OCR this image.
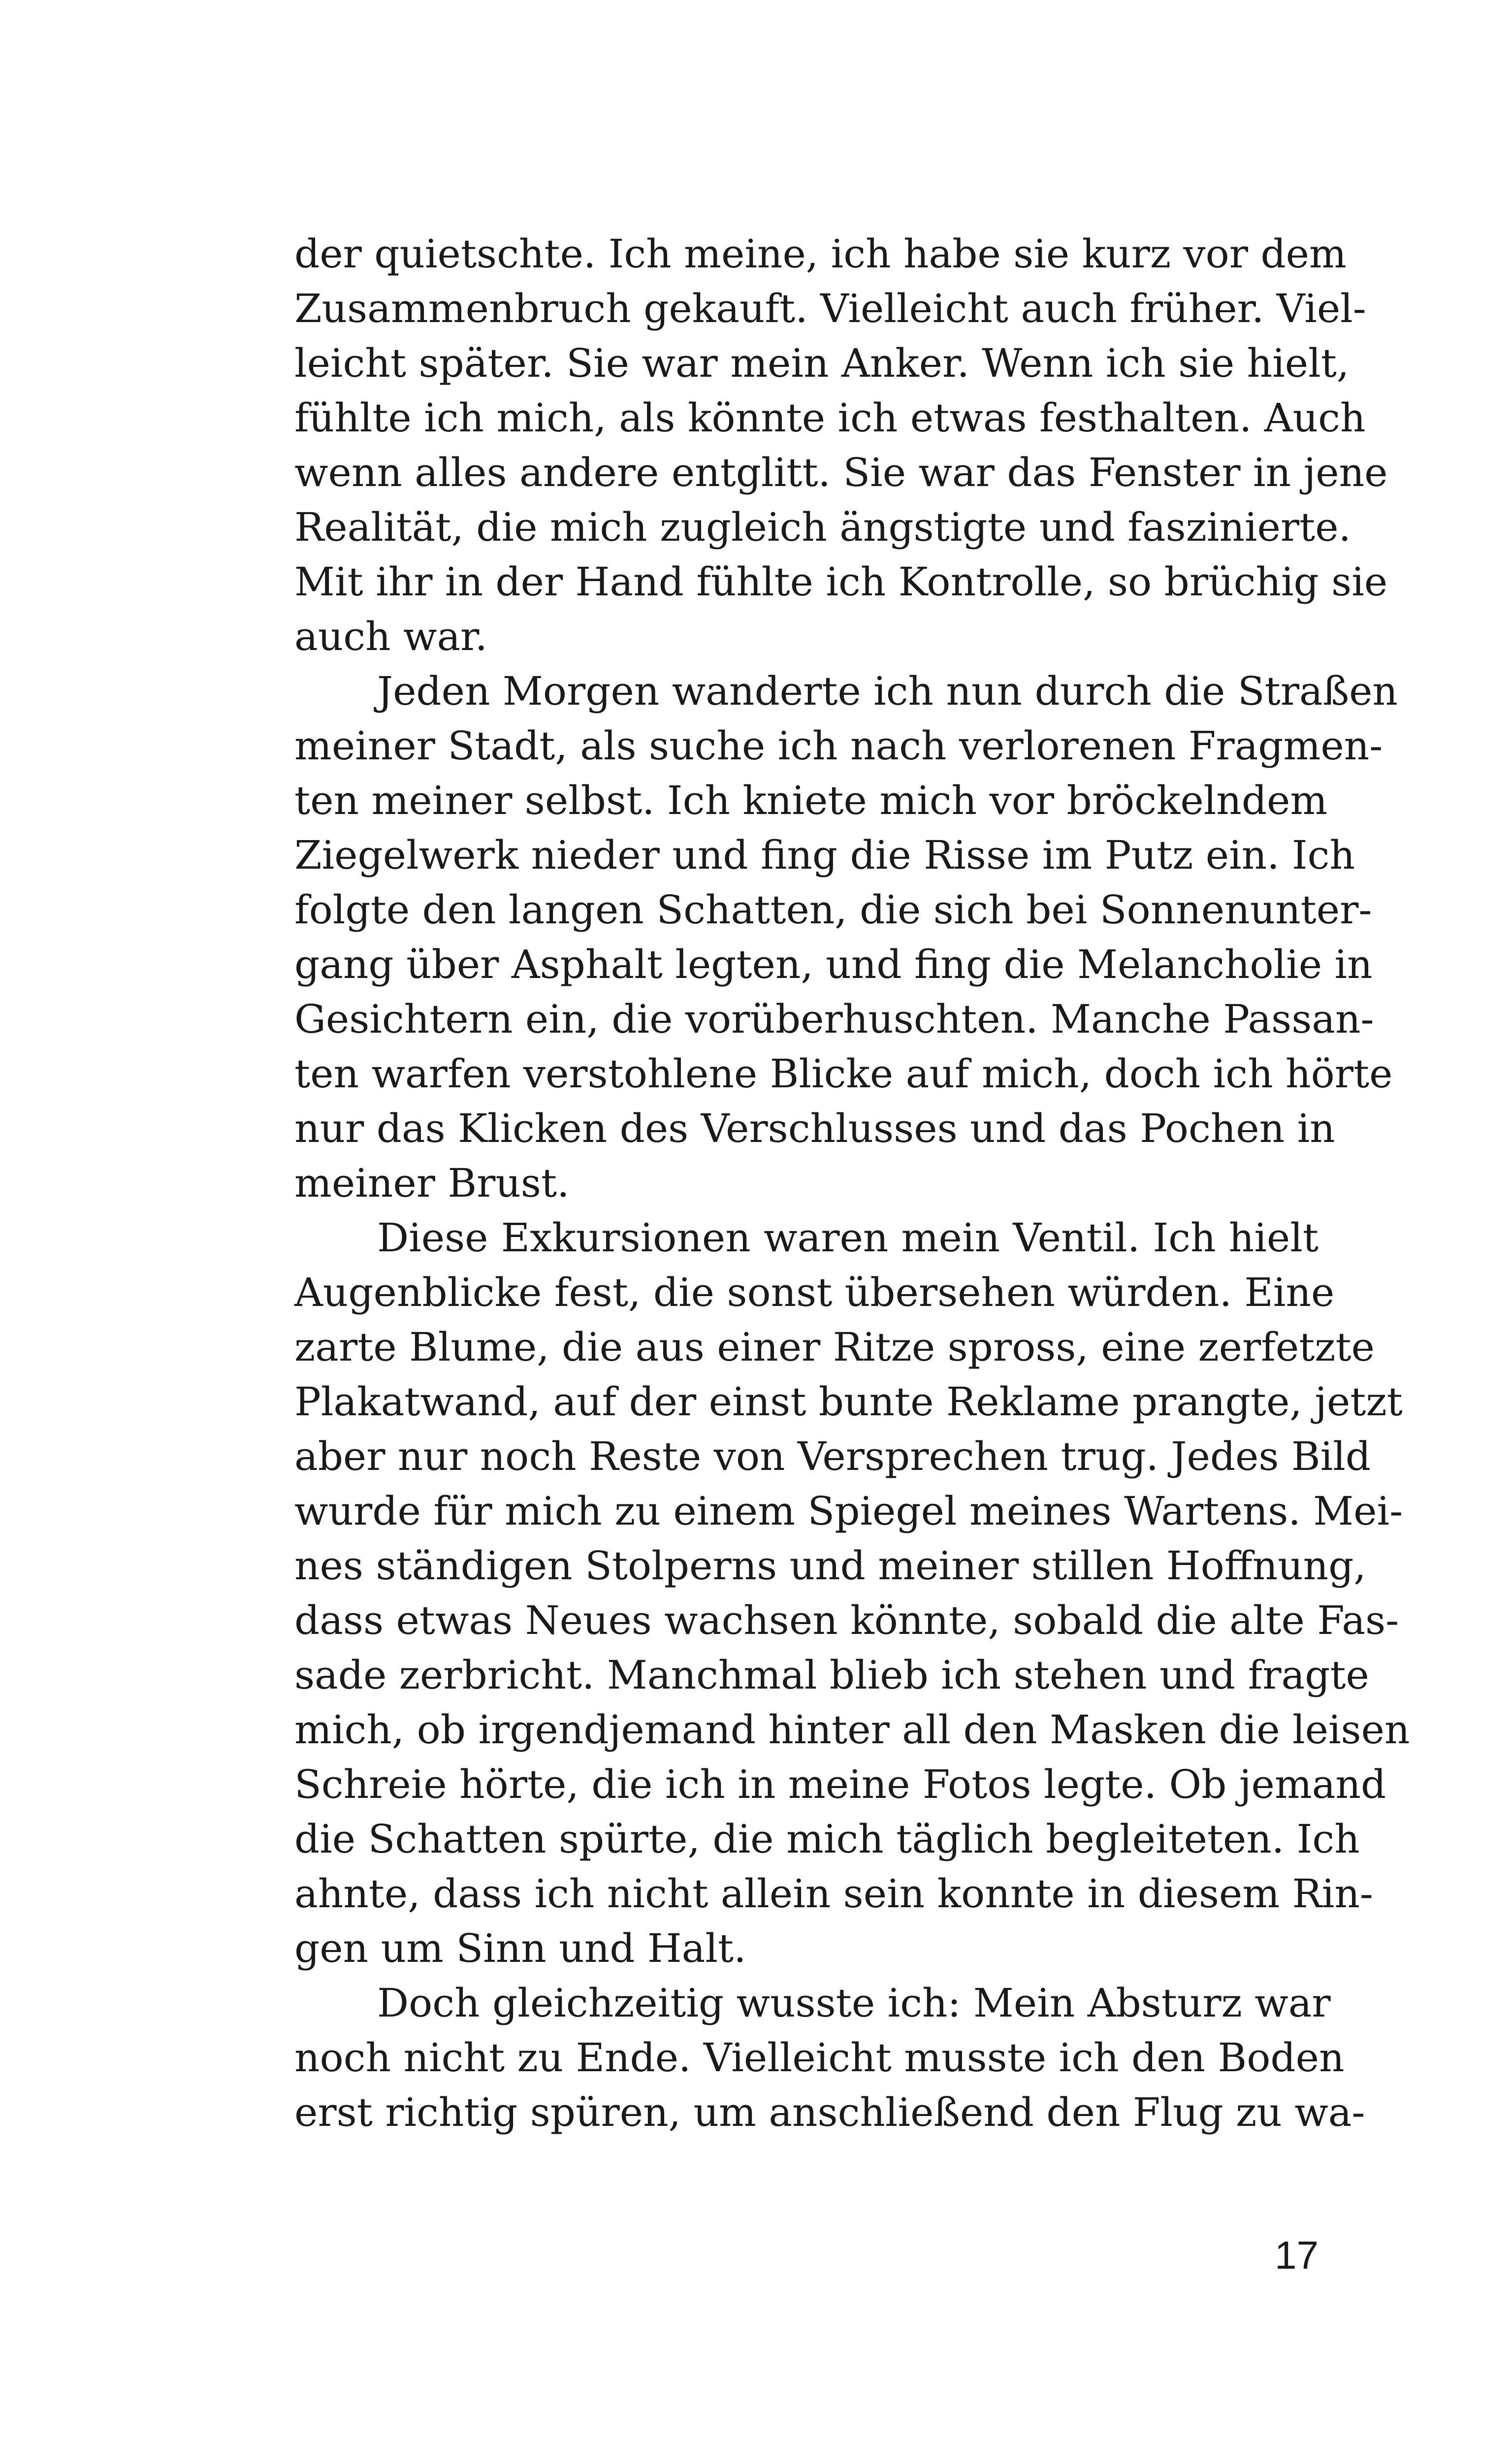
der quietschte. Ich meine, ich habe sie kurz vor dem
Zusammenbruch gekauft. Vielleicht auch früher. Viel-
leicht später. Sie war mein Anker. Wenn ich sie hielt,
fühlte ich mich, als könnte ich etwas festhalten. Auch
wenn alles andere entglitt. Sie war das Fenster in jene
Realität, die mich zugleich ängstigte und faszinierte.
Mit ihr in der Hand fühlte ich Kontrolle, so brüchig sie
auch war.
Jeden Morgen wanderte ich nun durch die Straßen
meiner Stadt, als suche ich nach verlorenen Fragmen-
ten meiner selbst. Ich kniete mich vor bröckelndem
Ziegelwerk nieder und fing die Risse im Putz ein. Ich
folgte den langen Schatten, die sich bei Sonnenunter-
gang über Asphalt legten, und fing die Melancholie in
Gesichtern ein, die vorüberhuschten. Manche Passan-
ten warfen verstohlene Blicke auf mich, doch ich hörte
nur das Klicken des Verschlusses und das Pochen in
meiner Brust.
Diese Exkursionen waren mein Ventil. Ich hielt
Augenblicke fest, die sonst übersehen würden. Eine
zarte Blume, die aus einer Ritze spross, eine zerfetzte
Plakatwand, auf der einst bunte Reklame prangte, jetzt
aber nur noch Reste von Versprechen trug. Jedes Bild
wurde für mich zu einem Spiegel meines Wartens. Mei-
nes ständigen Stolperns und meiner stillen Hoffnung,
dass etwas Neues wachsen könnte, sobald die alte Fas-
sade zerbricht. Manchmal blieb ich stehen und fragte
mich, ob irgendjemand hinter all den Masken die leisen
Schreie hörte, die ich in meine Fotos legte. Ob jemand
die Schatten spürte, die mich täglich begleiteten. Ich
ahnte, dass ich nicht allein sein konnte in diesem Rin-
gen um Sinn und Halt.
Doch gleichzeitig wusste ich: Mein Absturz war
noch nicht zu Ende. Vielleicht musste ich den Boden
erst richtig spüren, um anschließend den Flug zu wa-
17
